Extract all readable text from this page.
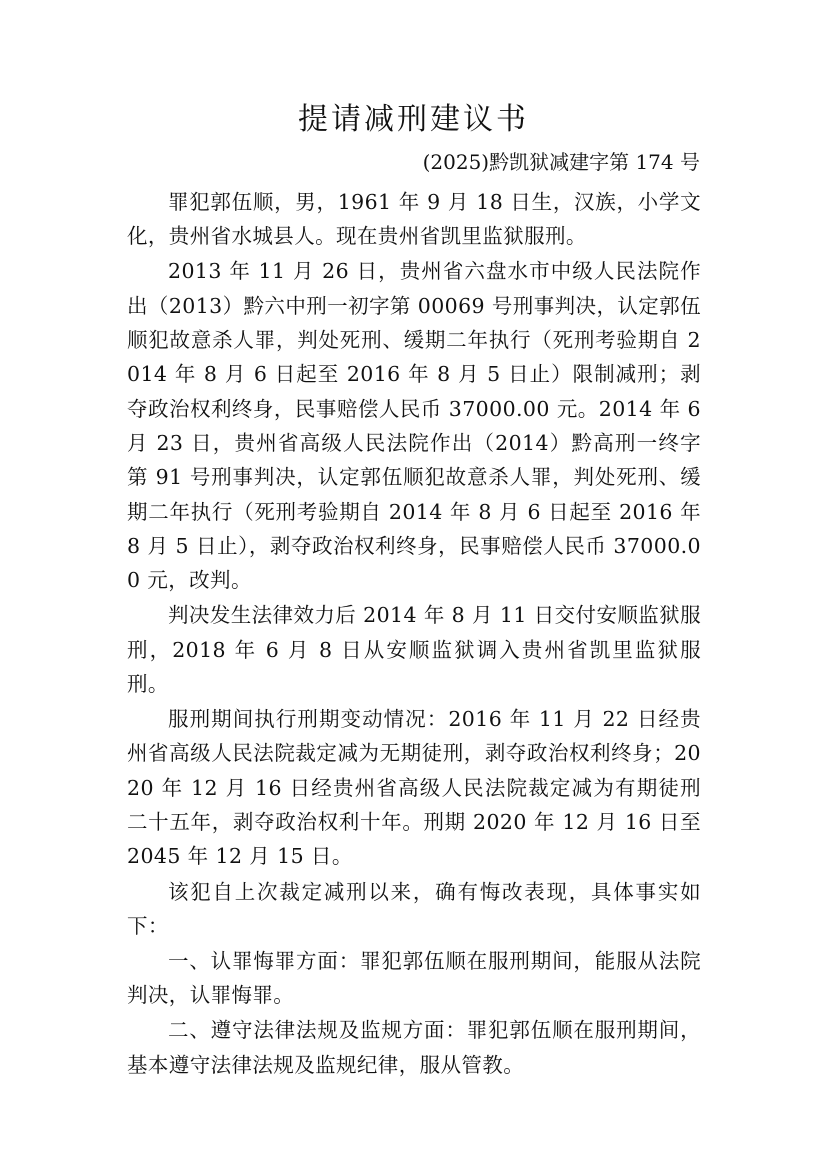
提请减刑建议书
(2025)黔凯狱减建字第 174 号

罪犯郭伍顺，男，1961 年 9 月 18 日生，汉族，小学文化，贵州省水城县人。现在贵州省凯里监狱服刑。

2013 年 11 月 26 日，贵州省六盘水市中级人民法院作出（2013）黔六中刑一初字第 00069 号刑事判决，认定郭伍顺犯故意杀人罪，判处死刑、缓期二年执行（死刑考验期自 2014 年 8 月 6 日起至 2016 年 8 月 5 日止）限制减刑；剥夺政治权利终身，民事赔偿人民币 37000.00 元。2014 年 6 月 23 日，贵州省高级人民法院作出（2014）黔高刑一终字第 91 号刑事判决，认定郭伍顺犯故意杀人罪，判处死刑、缓期二年执行（死刑考验期自 2014 年 8 月 6 日起至 2016 年 8 月 5 日止），剥夺政治权利终身，民事赔偿人民币 37000.00 元，改判。

判决发生法律效力后 2014 年 8 月 11 日交付安顺监狱服刑，2018 年 6 月 8 日从安顺监狱调入贵州省凯里监狱服刑。

服刑期间执行刑期变动情况：2016 年 11 月 22 日经贵州省高级人民法院裁定减为无期徒刑，剥夺政治权利终身；2020 年 12 月 16 日经贵州省高级人民法院裁定减为有期徒刑二十五年，剥夺政治权利十年。刑期 2020 年 12 月 16 日至 2045 年 12 月 15 日。

该犯自上次裁定减刑以来，确有悔改表现，具体事实如下：

一、认罪悔罪方面：罪犯郭伍顺在服刑期间，能服从法院判决，认罪悔罪。

二、遵守法律法规及监规方面：罪犯郭伍顺在服刑期间，基本遵守法律法规及监规纪律，服从管教。
